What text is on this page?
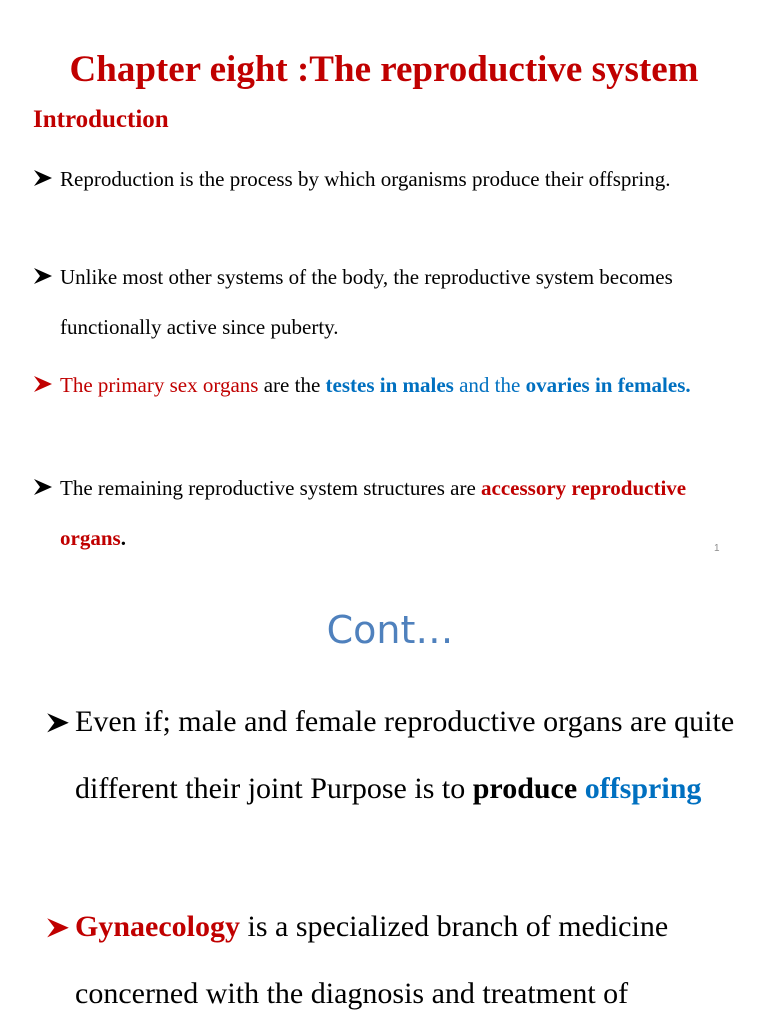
Chapter eight :The reproductive system
Introduction
Reproduction is the process by which organisms produce their offspring.
Unlike most other systems of the body, the reproductive system becomes functionally active since puberty.
The primary sex organs are the testes in males and the ovaries in females.
The remaining reproductive system structures are accessory reproductive organs.	1
Cont…
Even if; male and female reproductive organs are quite different their joint Purpose is to produce offspring
Gynaecology is a specialized branch of medicine concerned with the diagnosis and treatment of
